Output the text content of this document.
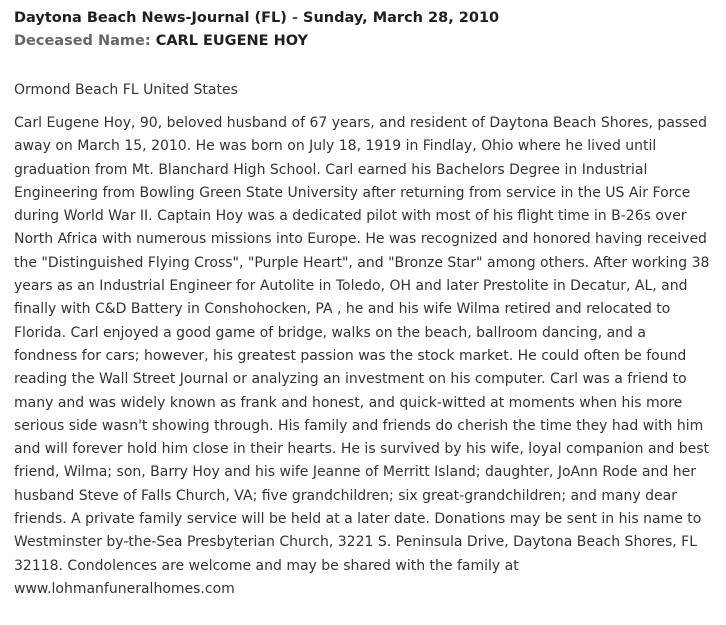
Daytona Beach News-Journal (FL) - Sunday, March 28, 2010
Deceased Name: CARL EUGENE HOY
Ormond Beach FL United States
Carl Eugene Hoy, 90, beloved husband of 67 years, and resident of Daytona Beach Shores, passed away on March 15, 2010. He was born on July 18, 1919 in Findlay, Ohio where he lived until graduation from Mt. Blanchard High School. Carl earned his Bachelors Degree in Industrial Engineering from Bowling Green State University after returning from service in the US Air Force during World War II. Captain Hoy was a dedicated pilot with most of his flight time in B-26s over North Africa with numerous missions into Europe. He was recognized and honored having received the "Distinguished Flying Cross", "Purple Heart", and "Bronze Star" among others. After working 38 years as an Industrial Engineer for Autolite in Toledo, OH and later Prestolite in Decatur, AL, and finally with C&D Battery in Conshohocken, PA , he and his wife Wilma retired and relocated to Florida. Carl enjoyed a good game of bridge, walks on the beach, ballroom dancing, and a fondness for cars; however, his greatest passion was the stock market. He could often be found reading the Wall Street Journal or analyzing an investment on his computer. Carl was a friend to many and was widely known as frank and honest, and quick-witted at moments when his more serious side wasn't showing through. His family and friends do cherish the time they had with him and will forever hold him close in their hearts. He is survived by his wife, loyal companion and best friend, Wilma; son, Barry Hoy and his wife Jeanne of Merritt Island; daughter, JoAnn Rode and her husband Steve of Falls Church, VA; five grandchildren; six great-grandchildren; and many dear friends. A private family service will be held at a later date. Donations may be sent in his name to Westminster by-the-Sea Presbyterian Church, 3221 S. Peninsula Drive, Daytona Beach Shores, FL 32118. Condolences are welcome and may be shared with the family at www.lohmanfuneralhomes.com
